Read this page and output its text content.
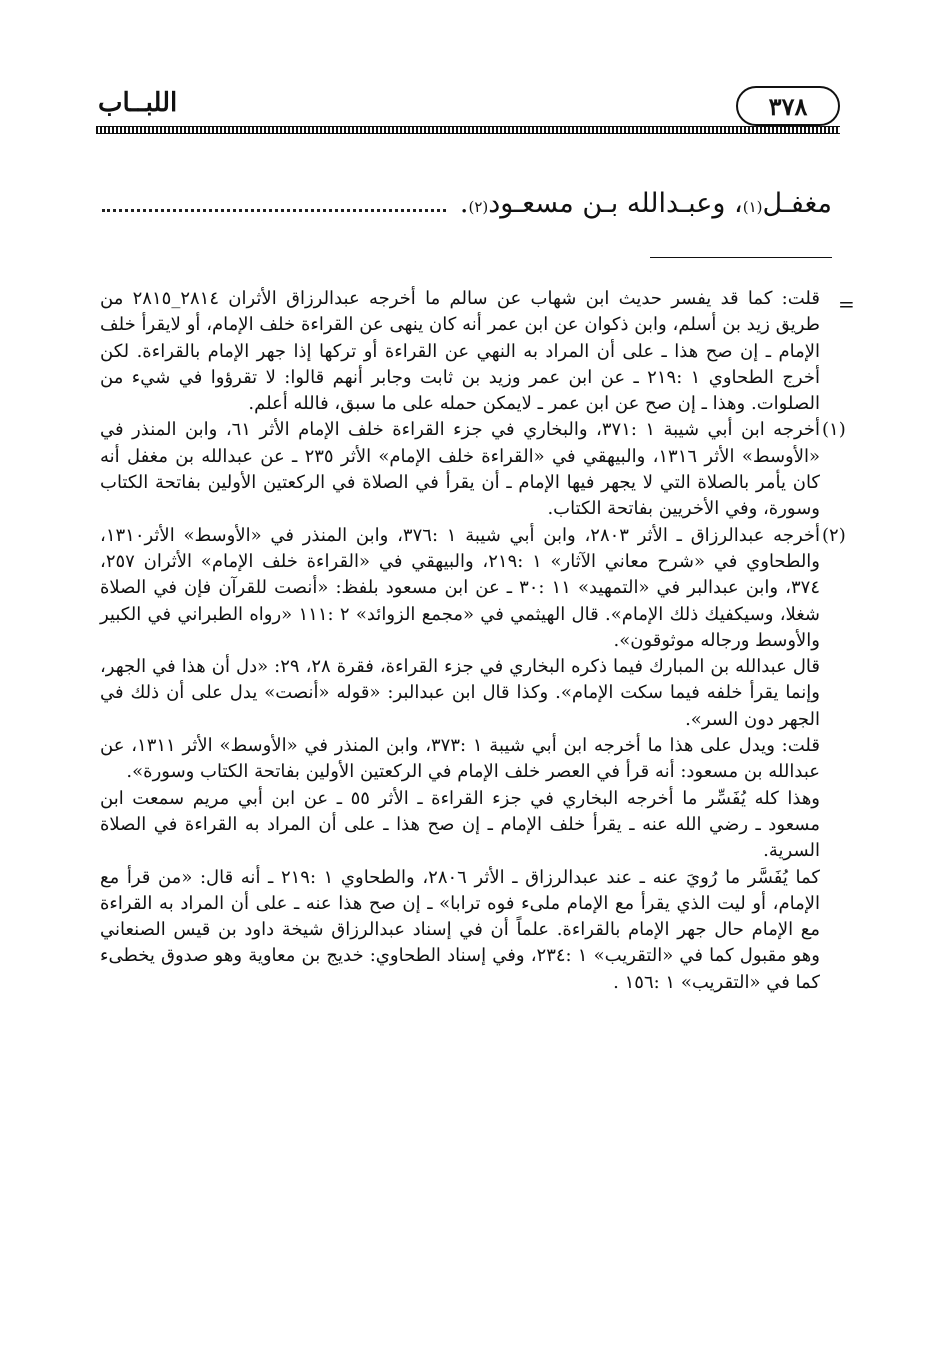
اللبــاب	٣٧٨
مغفـل
(١)
، وعبـدالله بـن مسعـود
(٢)
.
=

قلت: كما قد يفسر حديث ابن شهاب عن سالم ما أخرجه عبدالرزاق الأثران ٢٨١٤_٢٨١٥ من طريق زيد بن أسلم، وابن ذكوان عن ابن عمر أنه كان ينهى عن القراءة خلف الإمام، أو لايقرأ خلف الإمام ـ إن صح هذا ـ على أن المراد به النهي عن القراءة أو تركها إذا جهر الإمام بالقراءة. لكن أخرج الطحاوي ١ :٢١٩ ـ عن ابن عمر وزيد بن ثابت وجابر أنهم قالوا: لا تقرؤوا في شيء من الصلوات. وهذا ـ إن صح عن ابن عمر ـ لايمكن حمله على ما سبق، فالله أعلم.

(١)

أخرجه ابن أبي شيبة ١ :٣٧١، والبخاري في جزء القراءة خلف الإمام الأثر ٦١، وابن المنذر في «الأوسط» الأثر ١٣١٦، والبيهقي في «القراءة خلف الإمام» الأثر ٢٣٥ ـ عن عبدالله بن مغفل أنه كان يأمر بالصلاة التي لا يجهر فيها الإمام ـ أن يقرأ في الصلاة في الركعتين الأولين بفاتحة الكتاب وسورة، وفي الأخريين بفاتحة الكتاب.

(٢)

أخرجه عبدالرزاق ـ الأثر ٢٨٠٣، وابن أبي شيبة ١ :٣٧٦، وابن المنذر في «الأوسط» الأثر١٣١٠، والطحاوي في «شرح معاني الآثار» ١ :٢١٩، والبيهقي في «القراءة خلف الإمام» الأثران ٢٥٧، ٣٧٤، وابن عبدالبر في «التمهيد» ١١ :٣٠ ـ عن ابن مسعود بلفظ: «أنصت للقرآن فإن في الصلاة شغلا، وسيكفيك ذلك الإمام». قال الهيثمي في «مجمع الزوائد» ٢ :١١١ «رواه الطبراني في الكبير والأوسط ورجاله موثوقون».

قال عبدالله بن المبارك فيما ذكره البخاري في جزء القراءة، فقرة ٢٨، ٢٩: «دل أن هذا في الجهر، وإنما يقرأ خلفه فيما سكت الإمام». وكذا قال ابن عبدالبر: «قوله «أنصت» يدل على أن ذلك في الجهر دون السر».

قلت: ويدل على هذا ما أخرجه ابن أبي شيبة ١ :٣٧٣، وابن المنذر في «الأوسط» الأثر ١٣١١، عن عبدالله بن مسعود: أنه قرأ في العصر خلف الإمام في الركعتين الأولين بفاتحة الكتاب وسورة».

وهذا كله يُفَسِّر ما أخرجه البخاري في جزء القراءة ـ الأثر ٥٥ ـ عن ابن أبي مريم سمعت ابن مسعود ـ رضي الله عنه ـ يقرأ خلف الإمام ـ إن صح هذا ـ على أن المراد به القراءة في الصلاة السرية.

كما يُفَسَّر ما رُويَ عنه ـ عند عبدالرزاق ـ الأثر ٢٨٠٦، والطحاوي ١ :٢١٩ ـ أنه قال: «من قرأ مع الإمام، أو ليت الذي يقرأ مع الإمام ملىء فوه ترابا» ـ إن صح هذا عنه ـ على أن المراد به القراءة مع الإمام حال جهر الإمام بالقراءة. علماً أن في إسناد عبدالرزاق شيخة داود بن قيس الصنعاني وهو مقبول كما في «التقريب» ١ :٢٣٤، وفي إسناد الطحاوي: خديج بن معاوية وهو صدوق يخطىء كما في «التقريب» ١ :١٥٦ .
